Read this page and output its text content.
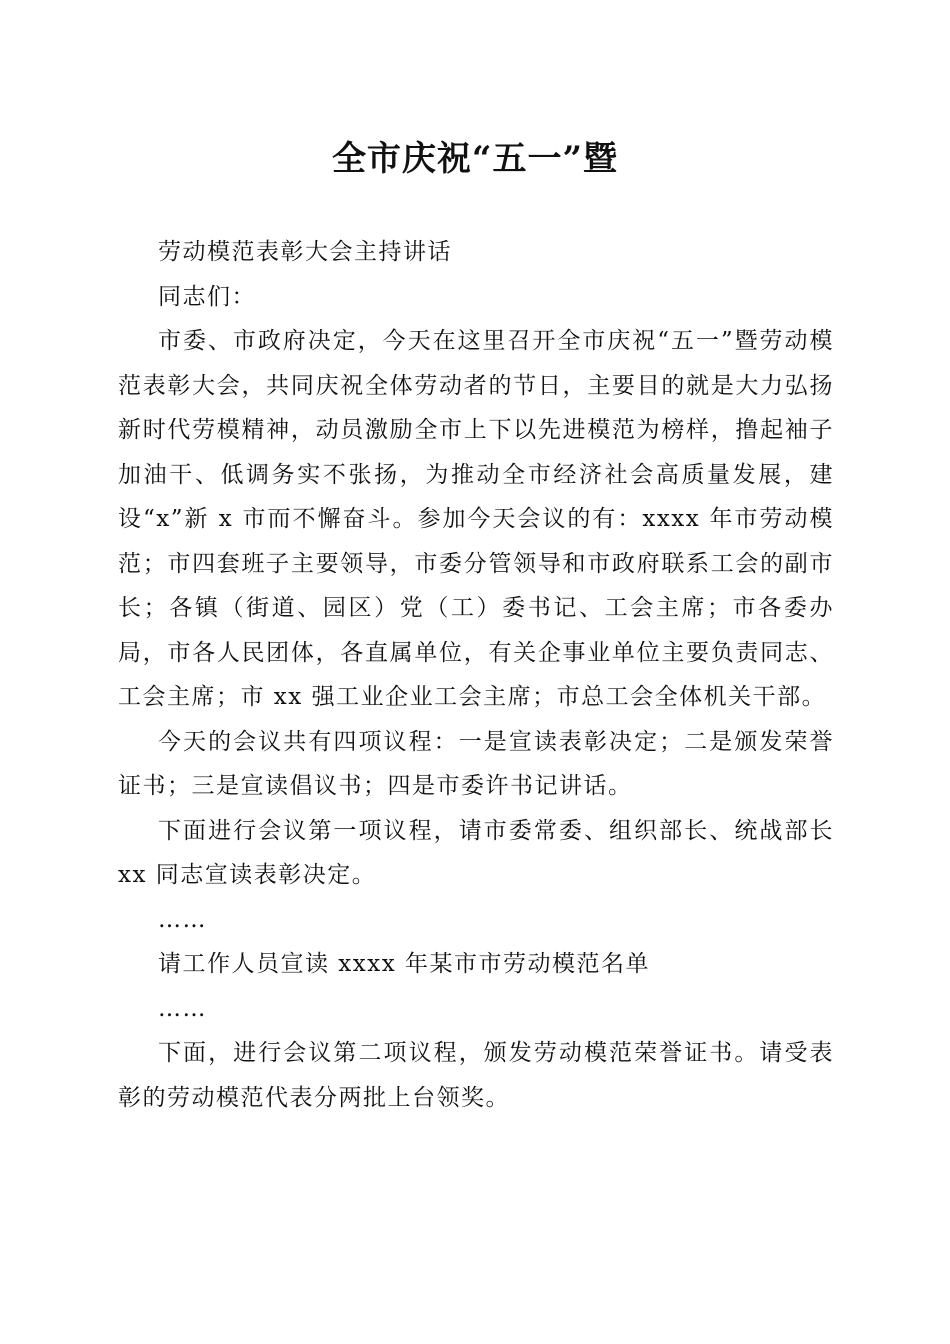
全市庆祝“五一”暨

劳动模范表彰大会主持讲话

同志们：

市委、市政府决定，今天在这里召开全市庆祝“五一”暨劳动模范表彰大会，共同庆祝全体劳动者的节日，主要目的就是大力弘扬新时代劳模精神，动员激励全市上下以先进模范为榜样，撸起袖子加油干、低调务实不张扬，为推动全市经济社会高质量发展，建设“x”新 x 市而不懈奋斗。参加今天会议的有：xxxx 年市劳动模范；市四套班子主要领导，市委分管领导和市政府联系工会的副市长；各镇（街道、园区）党（工）委书记、工会主席；市各委办局，市各人民团体，各直属单位，有关企事业单位主要负责同志、工会主席；市 xx 强工业企业工会主席；市总工会全体机关干部。

今天的会议共有四项议程：一是宣读表彰决定；二是颁发荣誉证书；三是宣读倡议书；四是市委许书记讲话。

下面进行会议第一项议程，请市委常委、组织部长、统战部长 xx 同志宣读表彰决定。

……

请工作人员宣读 xxxx 年某市市劳动模范名单

……

下面，进行会议第二项议程，颁发劳动模范荣誉证书。请受表彰的劳动模范代表分两批上台领奖。
